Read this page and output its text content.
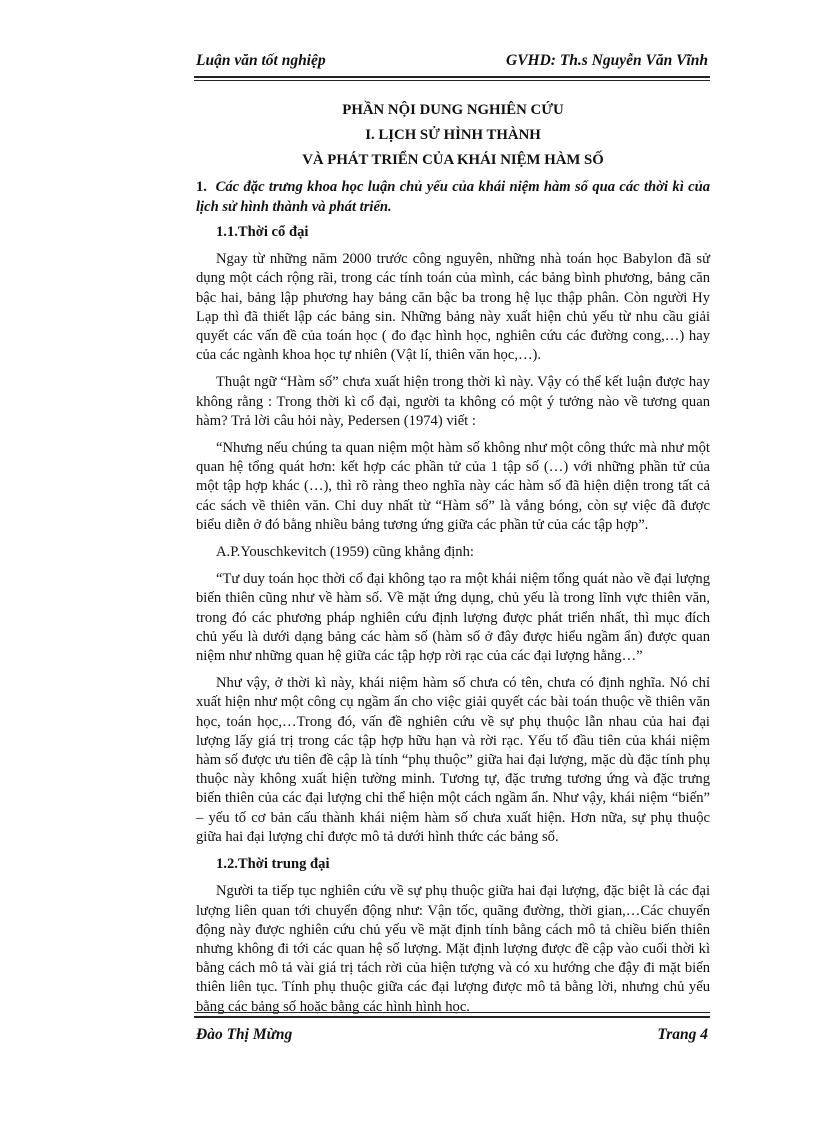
Luận văn tốt nghiệp	GVHD: Th.s Nguyễn Văn Vĩnh

PHẦN NỘI DUNG NGHIÊN CỨU

I. LỊCH SỬ HÌNH THÀNH

VÀ PHÁT TRIỂN CỦA KHÁI NIỆM HÀM SỐ

1. Các đặc trưng khoa học luận chủ yếu của khái niệm hàm số qua các thời kì của lịch sử hình thành và phát triển.

1.1.Thời cổ đại

Ngay từ những năm 2000 trước công nguyên, những nhà toán học Babylon đã sử dụng một cách rộng rãi, trong các tính toán của mình, các bảng bình phương, bảng căn bậc hai, bảng lập phương hay bảng căn bậc ba trong hệ lục thập phân. Còn người Hy Lạp thì đã thiết lập các bảng sin. Những bảng này xuất hiện chủ yếu từ nhu cầu giải quyết các vấn đề của toán học ( đo đạc hình học, nghiên cứu các đường cong,…) hay của các ngành khoa học tự nhiên (Vật lí, thiên văn học,…).

Thuật ngữ “Hàm số” chưa xuất hiện trong thời kì này. Vậy có thể kết luận được hay không rằng : Trong thời kì cổ đại, người ta không có một ý tưởng nào về tương quan hàm? Trả lời câu hỏi này, Pedersen (1974) viết :

“Nhưng nếu chúng ta quan niệm một hàm số không như một công thức mà như một quan hệ tổng quát hơn: kết hợp các phần tử của 1 tập số (…) với những phần tử của một tập hợp khác (…), thì rõ ràng theo nghĩa này các hàm số đã hiện diện trong tất cả các sách về thiên văn. Chỉ duy nhất từ “Hàm số” là vắng bóng, còn sự việc đã được biểu diễn ở đó bằng nhiều bảng tương ứng giữa các phần tử của các tập hợp”.

A.P.Youschkevitch (1959) cũng khẳng định:

“Tư duy toán học thời cổ đại không tạo ra một khái niệm tổng quát nào về đại lượng biến thiên cũng như về hàm số. Về mặt ứng dụng, chủ yếu là trong lĩnh vực thiên văn, trong đó các phương pháp nghiên cứu định lượng được phát triển nhất, thì mục đích chủ yếu là dưới dạng bảng các hàm số (hàm số ở đây được hiểu ngầm ẩn) được quan niệm như những quan hệ giữa các tập hợp rời rạc của các đại lượng hằng…”

Như vậy, ở thời kì này, khái niệm hàm số chưa có tên, chưa có định nghĩa. Nó chỉ xuất hiện như một công cụ ngầm ẩn cho việc giải quyết các bài toán thuộc về thiên văn học, toán học,…Trong đó, vấn đề nghiên cứu về sự phụ thuộc lẫn nhau của hai đại lượng lấy giá trị trong các tập hợp hữu hạn và rời rạc. Yếu tố đầu tiên của khái niệm hàm số được ưu tiên đề cập là tính “phụ thuộc” giữa hai đại lượng, mặc dù đặc tính phụ thuộc này không xuất hiện tường minh. Tương tự, đặc trưng tương ứng và đặc trưng biến thiên của các đại lượng chỉ thể hiện một cách ngầm ẩn. Như vậy, khái niệm “biến” – yếu tố cơ bản cấu thành khái niệm hàm số chưa xuất hiện. Hơn nữa, sự phụ thuộc giữa hai đại lượng chỉ được mô tả dưới hình thức các bảng số.

1.2.Thời trung đại

Người ta tiếp tục nghiên cứu về sự phụ thuộc giữa hai đại lượng, đặc biệt là các đại lượng liên quan tới chuyển động như: Vận tốc, quãng đường, thời gian,…Các chuyển động này được nghiên cứu chủ yếu về mặt định tính bằng cách mô tả chiều biến thiên nhưng không đi tới các quan hệ số lượng. Mặt định lượng được đề cập vào cuối thời kì bằng cách mô tả vài giá trị tách rời của hiện tượng và có xu hướng che đậy đi mặt biến thiên liên tục. Tính phụ thuộc giữa các đại lượng được mô tả bằng lời, nhưng chủ yếu bằng các bảng số hoặc bằng các hình hình học.

Đào Thị Mừng	Trang 4
